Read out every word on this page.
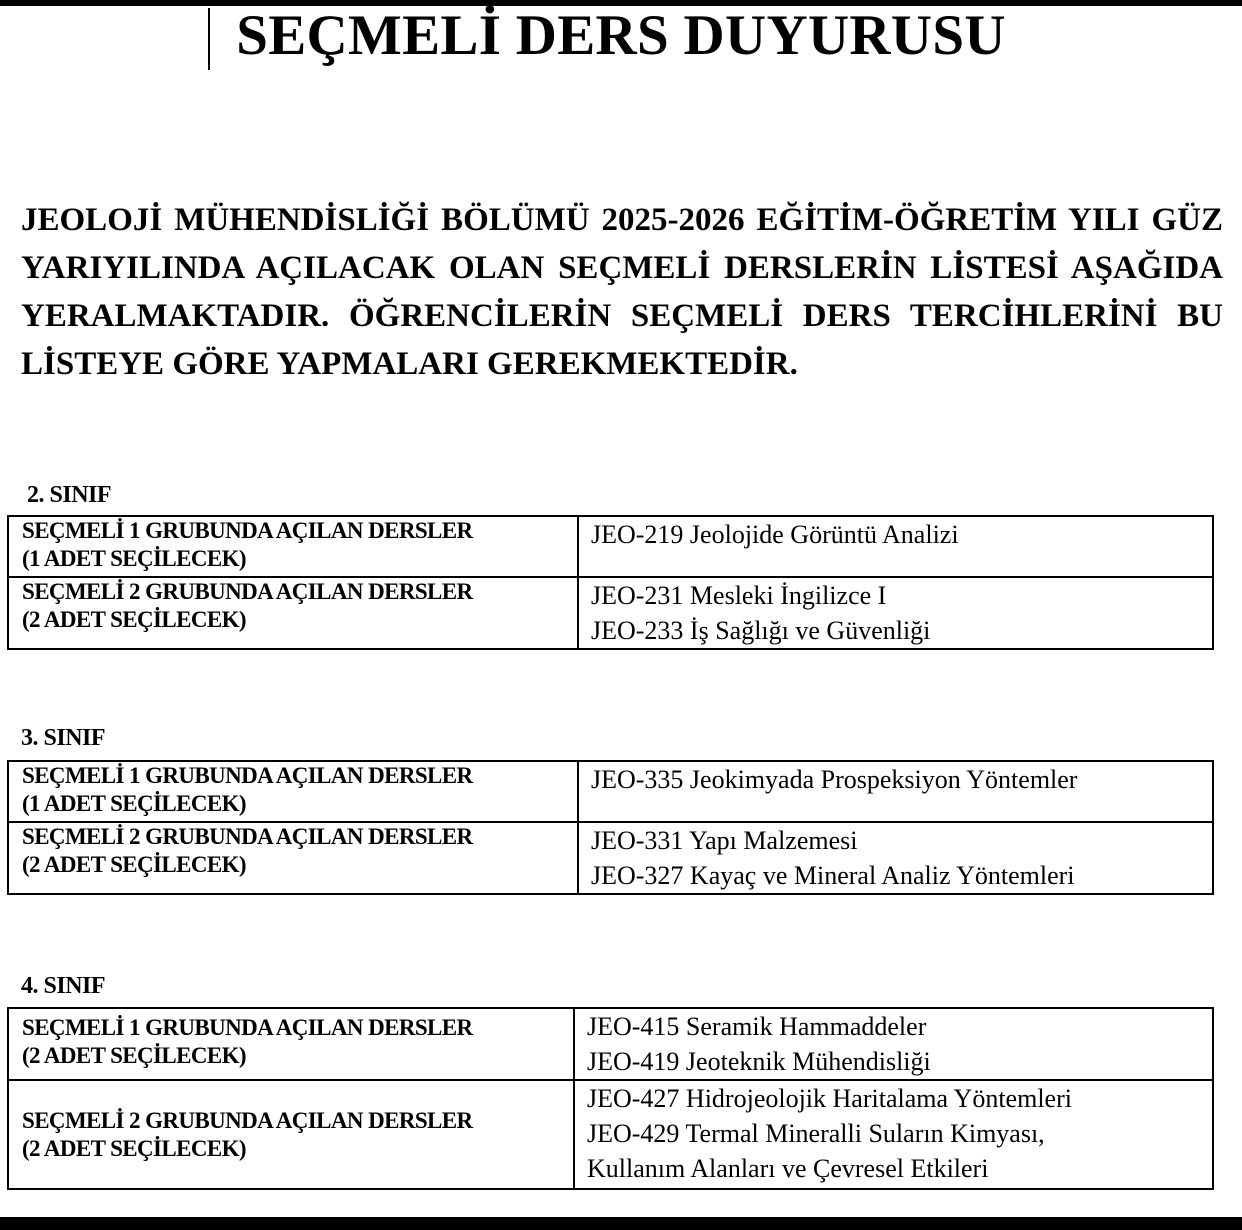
SEÇMELİ DERS DUYURUSU
JEOLOJİ MÜHENDİSLİĞİ BÖLÜMÜ 2025-2026 EĞİTİM-ÖĞRETİM YILI GÜZ YARIYILINDA AÇILACAK OLAN SEÇMELİ DERSLERİN LİSTESİ AŞAĞIDA YERALMAKTADIR. ÖĞRENCİLERİN SEÇMELİ DERS TERCİHLERİNİ BU LİSTEYE GÖRE YAPMALARI GEREKMEKTEDİR.
2. SINIF
SEÇMELİ 1 GRUBUNDA AÇILAN DERSLER
(1 ADET SEÇİLECEK)	JEO-219 Jeolojide Görüntü Analizi

SEÇMELİ 2 GRUBUNDA AÇILAN DERSLER
(2 ADET SEÇİLECEK)	JEO-231 Mesleki İngilizce I
JEO-233 İş Sağlığı ve Güvenliği
3. SINIF
SEÇMELİ 1 GRUBUNDA AÇILAN DERSLER
(1 ADET SEÇİLECEK)	JEO-335 Jeokimyada Prospeksiyon Yöntemler

SEÇMELİ 2 GRUBUNDA AÇILAN DERSLER
(2 ADET SEÇİLECEK)	JEO-331 Yapı Malzemesi
JEO-327 Kayaç ve Mineral Analiz Yöntemleri
4. SINIF
SEÇMELİ 1 GRUBUNDA AÇILAN DERSLER
(2 ADET SEÇİLECEK)	JEO-415 Seramik Hammaddeler
JEO-419 Jeoteknik Mühendisliği

SEÇMELİ 2 GRUBUNDA AÇILAN DERSLER
(2 ADET SEÇİLECEK)	JEO-427 Hidrojeolojik Haritalama Yöntemleri
JEO-429 Termal Mineralli Suların Kimyası,
Kullanım Alanları ve Çevresel Etkileri
